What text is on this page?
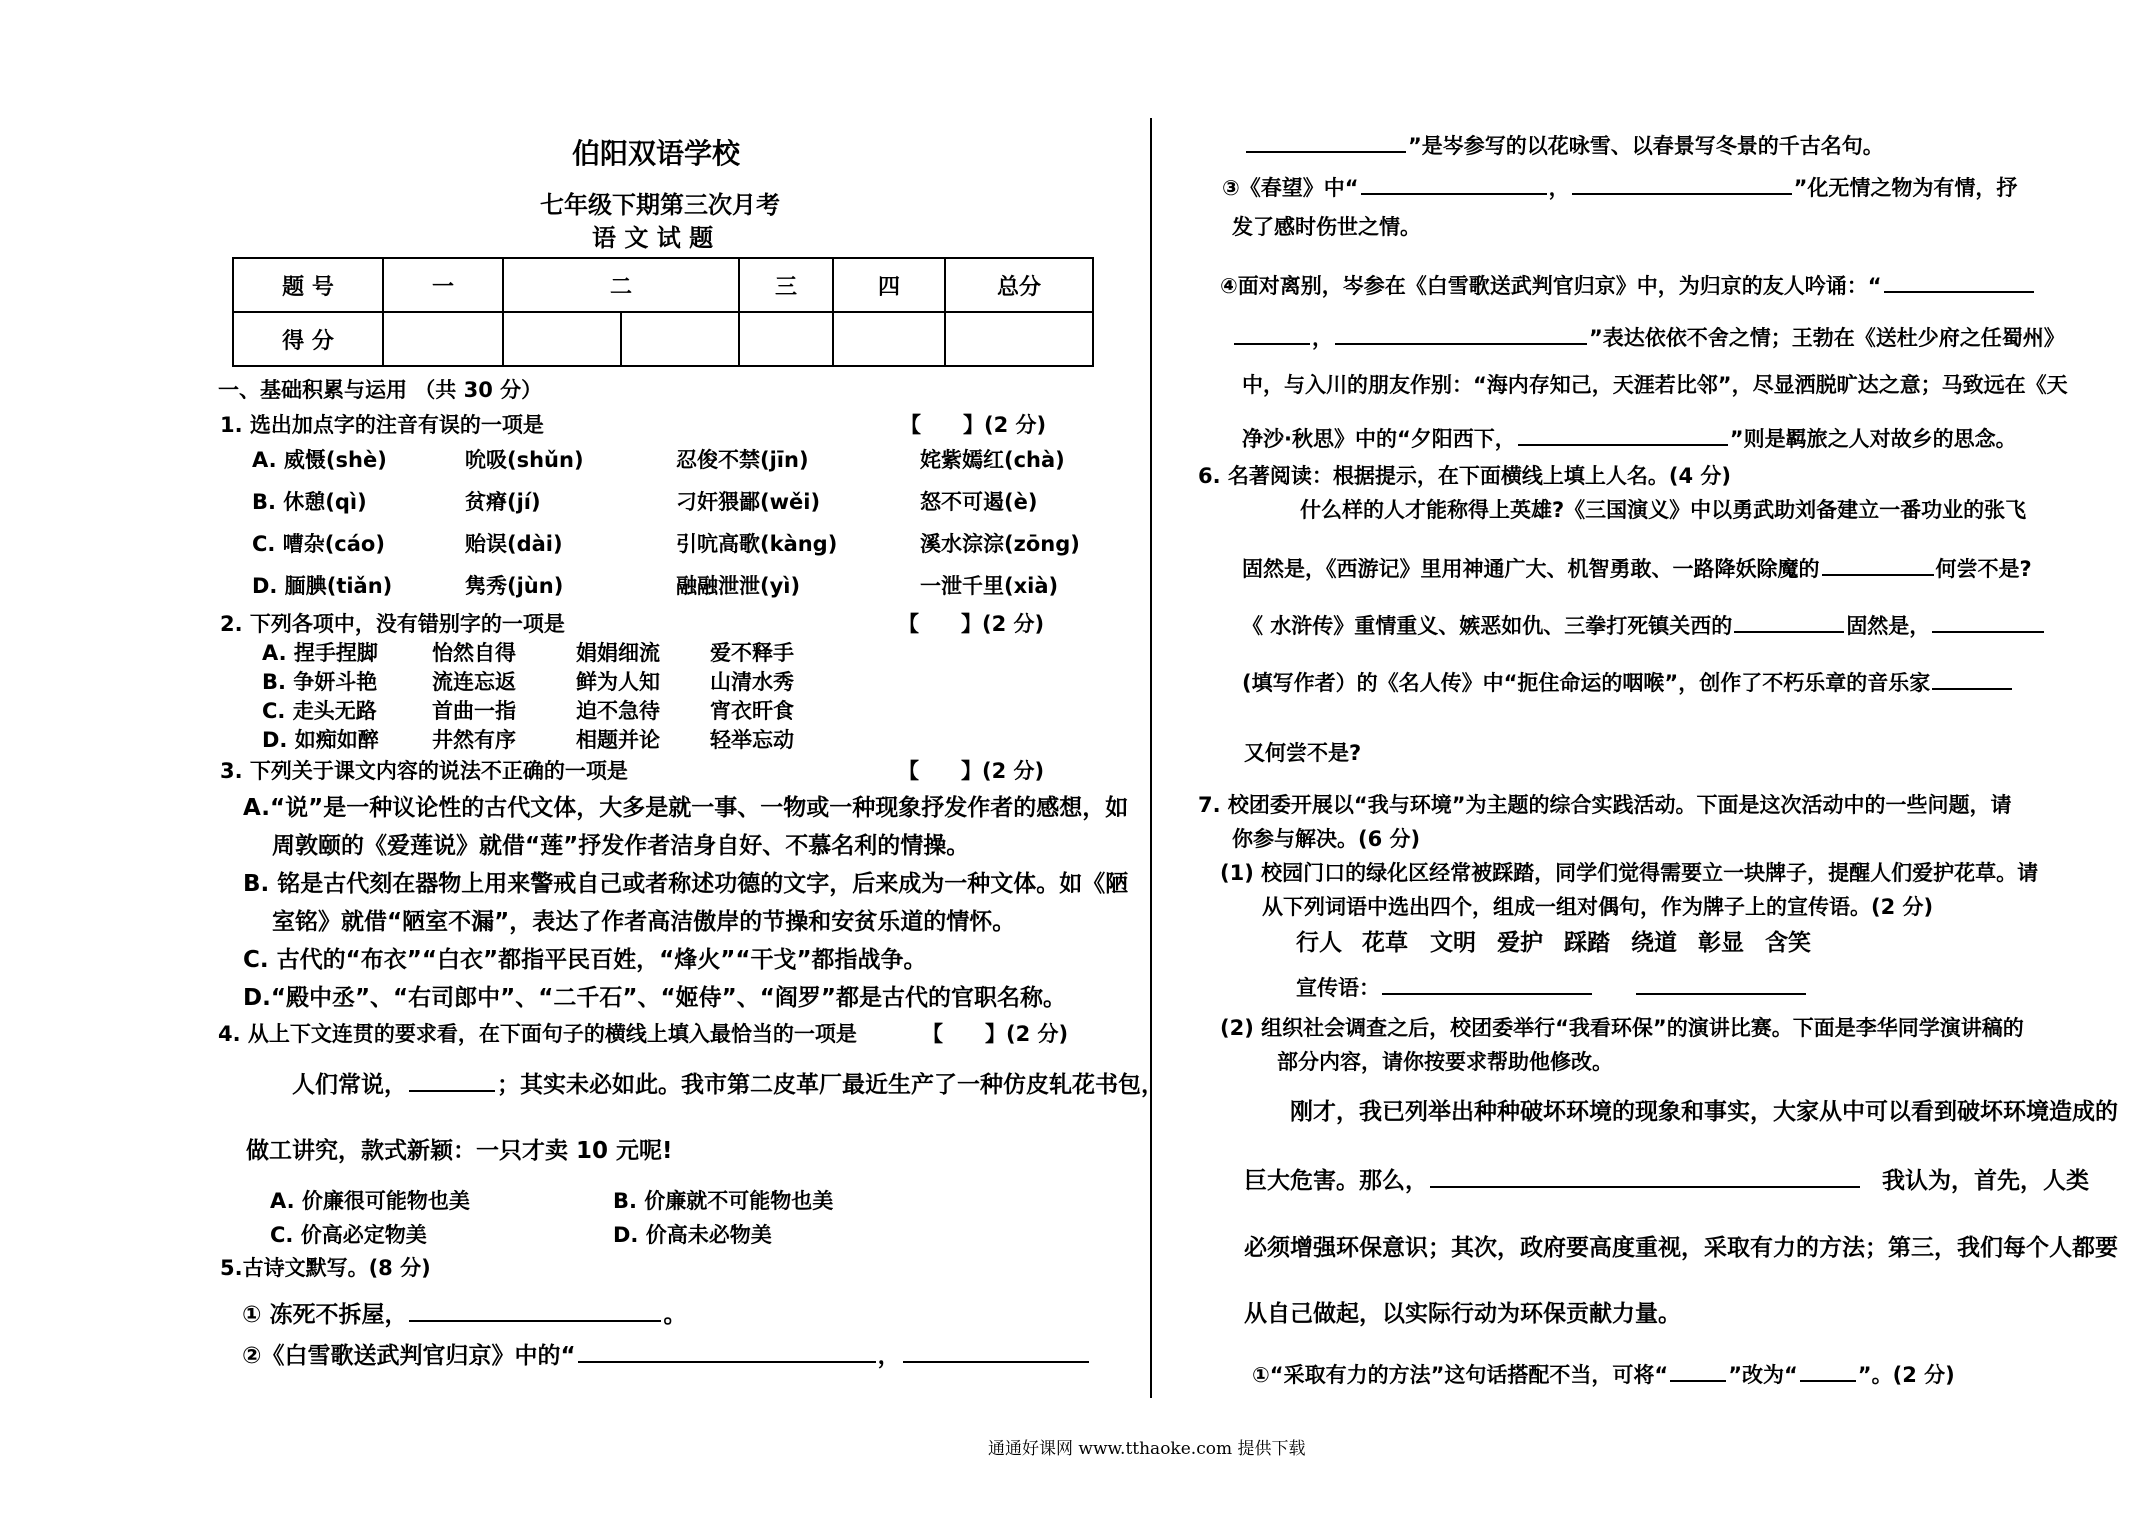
伯阳双语学校
七年级下期第三次月考
语 文 试 题
题 号	一	二		三	四	总分
得 分						
一、基础积累与运用 （共 30 分）
1. 选出加点字的注音有误的一项是	【　　】(2 分)
A. 威慑(shè)	吮吸(shǔn)	忍俊不禁(jīn)	姹紫嫣红(chà)
B. 休憩(qì)	贫瘠(jí)	刁奸猥鄙(wěi)	怒不可遏(è)
C. 嘈杂(cáo)	贻误(dài)	引吭高歌(kàng)	溪水淙淙(zōng)
D. 腼腆(tiǎn)	隽秀(jùn)	融融泄泄(yì)	一泄千里(xià)
2. 下列各项中，没有错别字的一项是	【　　】(2 分)
A. 捏手捏脚	怡然自得	娟娟细流 爱不释手
B. 争妍斗艳	流连忘返	鲜为人知 山清水秀
C. 走头无路	首曲一指	迫不急待 宵衣旰食
D. 如痴如醉	井然有序	相题并论 轻举忘动
3. 下列关于课文内容的说法不正确的一项是	【　　】(2 分)
A.“说”是一种议论性的古代文体，大多是就一事、一物或一种现象抒发作者的感想，如
周敦颐的《爱莲说》就借“莲”抒发作者洁身自好、不慕名利的情操。
B. 铭是古代刻在器物上用来警戒自己或者称述功德的文字，后来成为一种文体。如《陋
室铭》就借“陋室不漏”，表达了作者高洁傲岸的节操和安贫乐道的情怀。
C. 古代的“布衣”“白衣”都指平民百姓，“烽火”“干戈”都指战争。
D.“殿中丞”、“右司郎中”、“二千石”、“姬侍”、“阎罗”都是古代的官职名称。
4. 从上下文连贯的要求看，在下面句子的横线上填入最恰当的一项是	【　　】(2 分)
人们常说，	；其实未必如此。我市第二皮革厂最近生产了一种仿皮轧花书包，
做工讲究，款式新颖：一只才卖 10 元呢!
A. 价廉很可能物也美	B. 价廉就不可能物也美
C. 价高必定物美	D. 价高未必物美
5.古诗文默写。(8 分)
① 冻死不拆屋，	。
②《白雪歌送武判官归京》中的“	，
”是岑参写的以花咏雪、以春景写冬景的千古名句。
③《春望》中“	，	”化无情之物为有情，抒
发了感时伤世之情。
④面对离别，岑参在《白雪歌送武判官归京》中，为归京的友人吟诵：“
，	”表达依依不舍之情；王勃在《送杜少府之任蜀州》
中，与入川的朋友作别：“海内存知己，天涯若比邻”，尽显洒脱旷达之意；马致远在《天
净沙·秋思》中的“夕阳西下，	”则是羁旅之人对故乡的思念。
6. 名著阅读：根据提示，在下面横线上填上人名。(4 分)
什么样的人才能称得上英雄?《三国演义》中以勇武助刘备建立一番功业的张飞
固然是，《西游记》里用神通广大、机智勇敢、一路降妖除魔的	何尝不是?
《 水浒传》重情重义、嫉恶如仇、三拳打死镇关西的	固然是，
(填写作者）的《名人传》中“扼住命运的咽喉”，创作了不朽乐章的音乐家
又何尝不是?
7. 校团委开展以“我与环境”为主题的综合实践活动。下面是这次活动中的一些问题，请
你参与解决。(6 分)
(1) 校园门口的绿化区经常被踩踏，同学们觉得需要立一块牌子，提醒人们爱护花草。请
从下列词语中选出四个，组成一组对偶句，作为牌子上的宣传语。(2 分)
行人 花草 文明 爱护 踩踏 绕道 彰显 含笑
宣传语：
(2) 组织社会调查之后，校团委举行“我看环保”的演讲比赛。下面是李华同学演讲稿的
部分内容，请你按要求帮助他修改。
刚才，我已列举出种种破坏环境的现象和事实，大家从中可以看到破坏环境造成的
巨大危害。那么，	我认为，首先，人类
必须增强环保意识；其次，政府要高度重视，采取有力的方法；第三，我们每个人都要
从自己做起，以实际行动为环保贡献力量。
①“采取有力的方法”这句话搭配不当，可将“	”改为“	”。(2 分)
通通好课网 www.tthaoke.com 提供下载
